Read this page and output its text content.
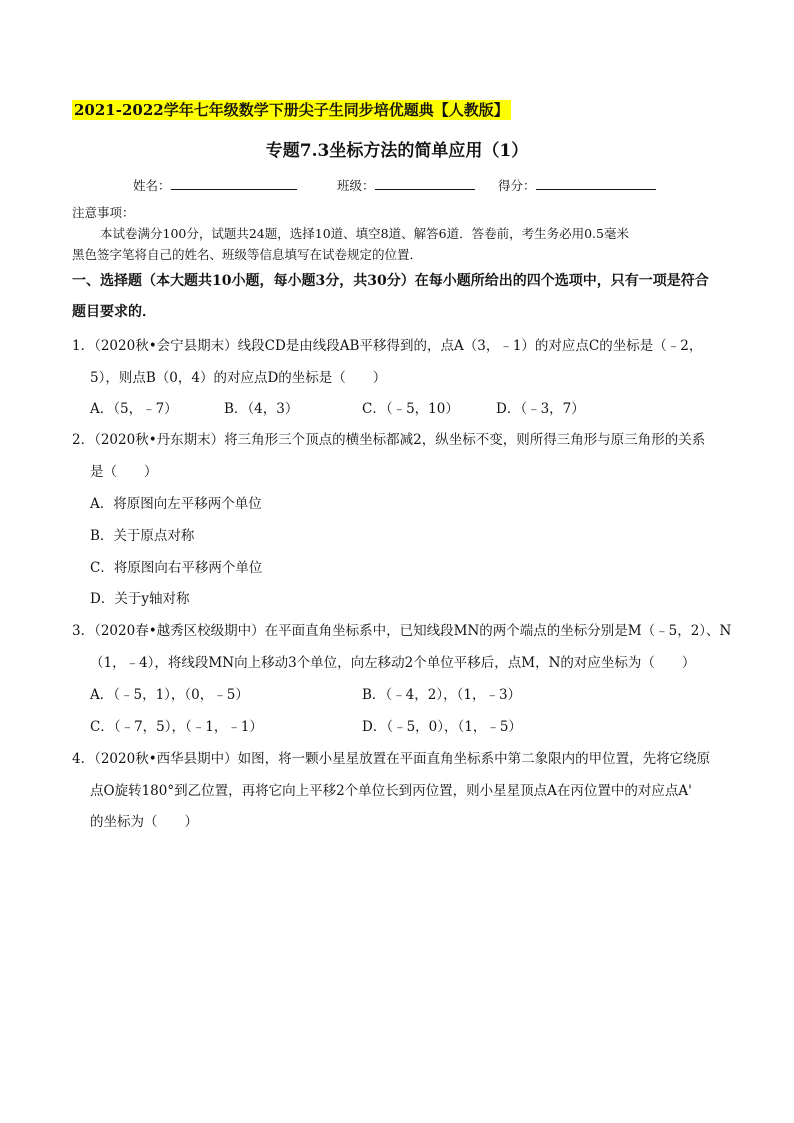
2021-2022学年七年级数学下册尖子生同步培优题典【人教版】
专题7.3坐标方法的简单应用（1）
姓名：	班级：	得分：
注意事项：
本试卷满分100分，试题共24题，选择10道、填空8道、解答6道．答卷前，考生务必用0.5毫米
黑色签字笔将自己的姓名、班级等信息填写在试卷规定的位置．
一、选择题（本大题共10小题，每小题3分，共30分）在每小题所给出的四个选项中，只有一项是符合
题目要求的．
1．（2020秋•会宁县期末）线段CD是由线段AB平移得到的，点A（3，﹣1）的对应点C的坐标是（﹣2，
5），则点B（0，4）的对应点D的坐标是（　　）
A．（5，﹣7）	B．（4，3）	C．（﹣5，10）	D．（﹣3，7）
2．（2020秋•丹东期末）将三角形三个顶点的横坐标都减2，纵坐标不变，则所得三角形与原三角形的关系
是（　　）
A．将原图向左平移两个单位
B．关于原点对称
C．将原图向右平移两个单位
D．关于y轴对称
3．（2020春•越秀区校级期中）在平面直角坐标系中，已知线段MN的两个端点的坐标分别是M（﹣5，2）、N
（1，﹣4），将线段MN向上移动3个单位，向左移动2个单位平移后，点M，N的对应坐标为（　　）
A．（﹣5，1），（0，﹣5）	B．（﹣4，2），（1，﹣3）
C．（﹣7，5），（﹣1，﹣1）	D．（﹣5，0），（1，﹣5）
4．（2020秋•西华县期中）如图，将一颗小星星放置在平面直角坐标系中第二象限内的甲位置，先将它绕原
点O旋转180°到乙位置，再将它向上平移2个单位长到丙位置，则小星星顶点A在丙位置中的对应点A'
的坐标为（　　）
